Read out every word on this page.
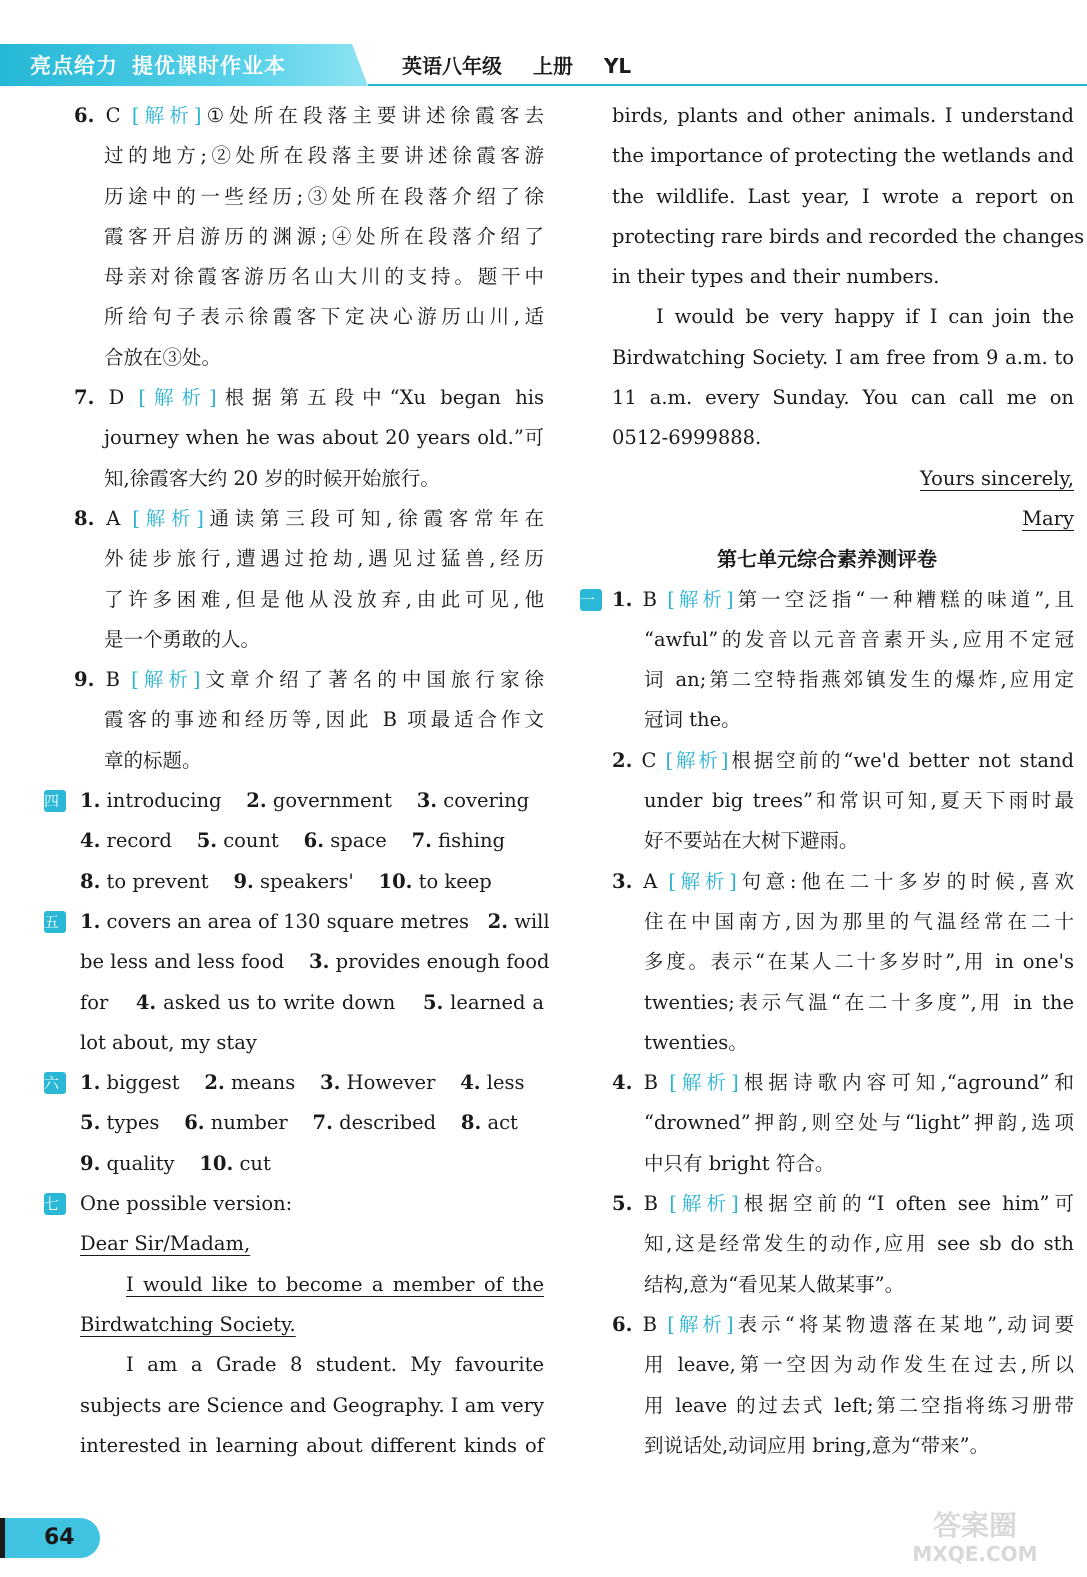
亮点给力 提优课时作业本	英语八年级 上册 YL
6. C [解析]①处所在段落主要讲述徐霞客去
过的地方;②处所在段落主要讲述徐霞客游
历途中的一些经历;③处所在段落介绍了徐
霞客开启游历的渊源;④处所在段落介绍了
母亲对徐霞客游历名山大川的支持。题干中
所给句子表示徐霞客下定决心游历山川,适
合放在③处。
7. D [解析]根据第五段中“Xu began his
journey when he was about 20 years old.”可
知,徐霞客大约 20 岁的时候开始旅行。
8. A [解析]通读第三段可知,徐霞客常年在
外徒步旅行,遭遇过抢劫,遇见过猛兽,经历
了许多困难,但是他从没放弃,由此可见,他
是一个勇敢的人。
9. B [解析]文章介绍了著名的中国旅行家徐
霞客的事迹和经历等,因此 B 项最适合作文
章的标题。
四	1. introducing    2. government    3. covering
4. record    5. count    6. space    7. fishing
8. to prevent    9. speakers'    10. to keep
五	1. covers an area of 130 square metres   2. will
be less and less food    3. provides enough food
for    4. asked us to write down    5. learned a
lot about, my stay
六	1. biggest    2. means    3. However    4. less
5. types    6. number    7. described    8. act
9. quality    10. cut
七	One possible version:
Dear Sir/Madam,
I would like to become a member of the
Birdwatching Society.
I am a Grade 8 student. My favourite
subjects are Science and Geography. I am very
interested in learning about different kinds of
birds, plants and other animals. I understand
the importance of protecting the wetlands and
the wildlife. Last year, I wrote a report on
protecting rare birds and recorded the changes
in their types and their numbers.
I would be very happy if I can join the
Birdwatching Society. I am free from 9 a.m. to
11 a.m. every Sunday. You can call me on
0512-6999888.
Yours sincerely,
Mary
第七单元综合素养测评卷
一 1. B [解析]第一空泛指“一种糟糕的味道”,且
“awful”的发音以元音音素开头,应用不定冠
词 an;第二空特指燕郊镇发生的爆炸,应用定
冠词 the。
2. C [解析]根据空前的“we'd better not stand
under big trees”和常识可知,夏天下雨时最
好不要站在大树下避雨。
3. A [解析]句意:他在二十多岁的时候,喜欢
住在中国南方,因为那里的气温经常在二十
多度。表示“在某人二十多岁时”,用 in one's
twenties;表示气温“在二十多度”,用 in the
twenties。
4. B [解析]根据诗歌内容可知,“aground”和
“drowned”押韵,则空处与“light”押韵,选项
中只有 bright 符合。
5. B [解析]根据空前的“I often see him”可
知,这是经常发生的动作,应用 see sb do sth
结构,意为“看见某人做某事”。
6. B [解析]表示“将某物遗落在某地”,动词要
用 leave,第一空因为动作发生在过去,所以
用 leave 的过去式 left;第二空指将练习册带
到说话处,动词应用 bring,意为“带来”。
64	答案圈
MXQE.COM
